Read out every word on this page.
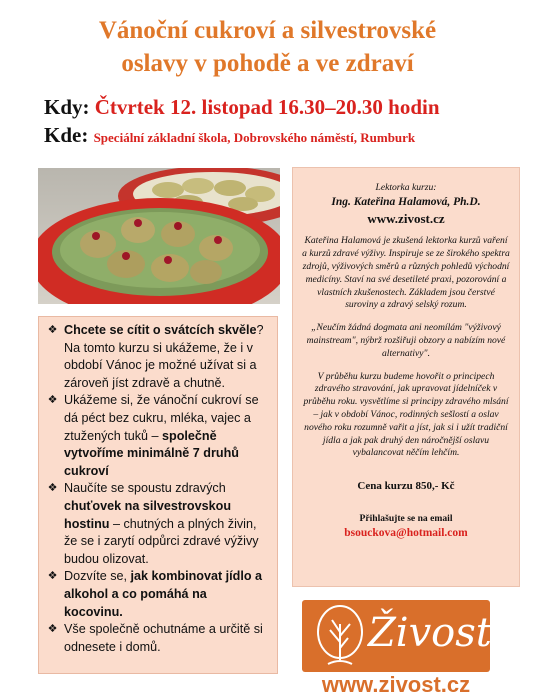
Vánoční cukroví a silvestrovské
oslavy v pohodě a ve zdraví
Kdy: Čtvrtek 12. listopad 16.30–20.30 hodin
Kde: Speciální základní škola, Dobrovského náměstí, Rumburk
❖ Chcete se cítit o svátcích skvěle? Na tomto kurzu si ukážeme, že i v období Vánoc je možné užívat si a zároveň jíst zdravě a chutně.
❖ Ukážeme si, že vánoční cukroví se dá péct bez cukru, mléka, vajec a ztužených tuků – společně vytvoříme minimálně 7 druhů cukroví
❖ Naučíte se spoustu zdravých chuťovek na silvestrovskou hostinu – chutných a plných živin, že se i zarytí odpůrci zdravé výživy budou olizovat.
❖ Dozvíte se, jak kombinovat jídlo a alkohol a co pomáhá na kocovinu.
❖ Vše společně ochutnáme a určitě si odnesete i domů.
Lektorka kurzu:
Ing. Kateřina Halamová, Ph.D.
www.zivost.cz
Kateřina Halamová je zkušená lektorka kurzů vaření a kurzů zdravé výživy. Inspiruje se ze širokého spektra zdrojů, výživových směrů a různých pohledů východní medicíny. Staví na své desetileté praxi, pozorování a vlastních zkušenostech. Základem jsou čerstvé suroviny a zdravý selský rozum.
„Neučím žádná dogmata ani neomílám "výživový mainstream", nýbrž rozšiřuji obzory a nabízím nové alternativy".
V průběhu kurzu budeme hovořit o principech zdravého stravování, jak upravovat jídelníček v průběhu roku. vysvětlíme si principy zdravého mlsání – jak v období Vánoc, rodinných sešlostí a oslav nového roku rozumně vařit a jíst, jak si i užít tradiční jídla a jak pak druhý den náročnější oslavu vybalancovat něčím lehčím.
Cena kurzu 850,- Kč
Přihlašujte se na email
bsouckova@hotmail.com
Živost
www.zivost.cz
